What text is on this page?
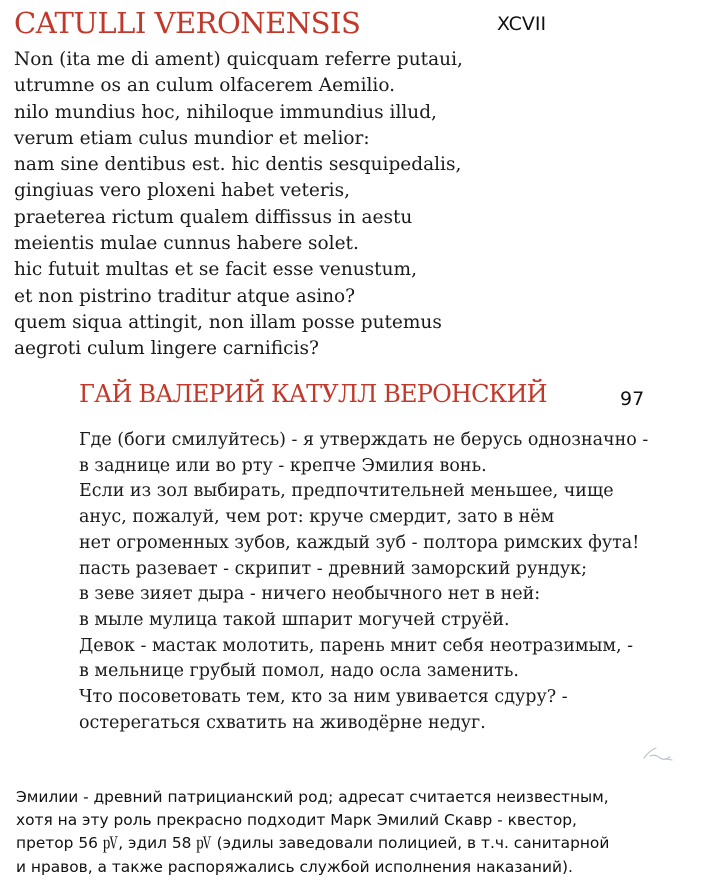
CATULLI VERONENSIS	XCVII
Non (ita me di ament) quicquam referre putaui,
utrumne os an culum olfacerem Aemilio.
nilo mundius hoc, nihiloque immundius illud,
verum etiam culus mundior et melior:
nam sine dentibus est. hic dentis sesquipedalis,
gingiuas vero ploxeni habet veteris,
praeterea rictum qualem diffissus in aestu
meientis mulae cunnus habere solet.
hic futuit multas et se facit esse venustum,
et non pistrino traditur atque asino?
quem siqua attingit, non illam posse putemus
aegroti culum lingere carnificis?
ГАЙ ВАЛЕРИЙ КАТУЛЛ ВЕРОНСКИЙ	97
Где (боги смилуйтесь) - я утверждать не берусь однозначно -
в заднице или во рту - крепче Эмилия вонь.
Если из зол выбирать, предпочтительней меньшее, чище
анус, пожалуй, чем рот: круче смердит, зато в нём
нет огроменных зубов, каждый зуб - полтора римских фута!
пасть разевает - скрипит - древний заморский рундук;
в зеве зияет дыра - ничего необычного нет в ней:
в мыле мулица такой шпарит могучей струёй.
Девок - мастак молотить, парень мнит себя неотразимым, -
в мельнице грубый помол, надо осла заменить.
Что посоветовать тем, кто за ним увивается сдуру? -
остерегаться схватить на живодёрне недуг.
Эмилии - древний патрицианский род; адресат считается неизвестным,
хотя на эту роль прекрасно подходит Марк Эмилий Скавр - квестор,
претор 56 ㎴, эдил 58 ㎴ (эдилы заведовали полицией, в т.ч. санитарной
и нравов, а также распоряжались службой исполнения наказаний).
